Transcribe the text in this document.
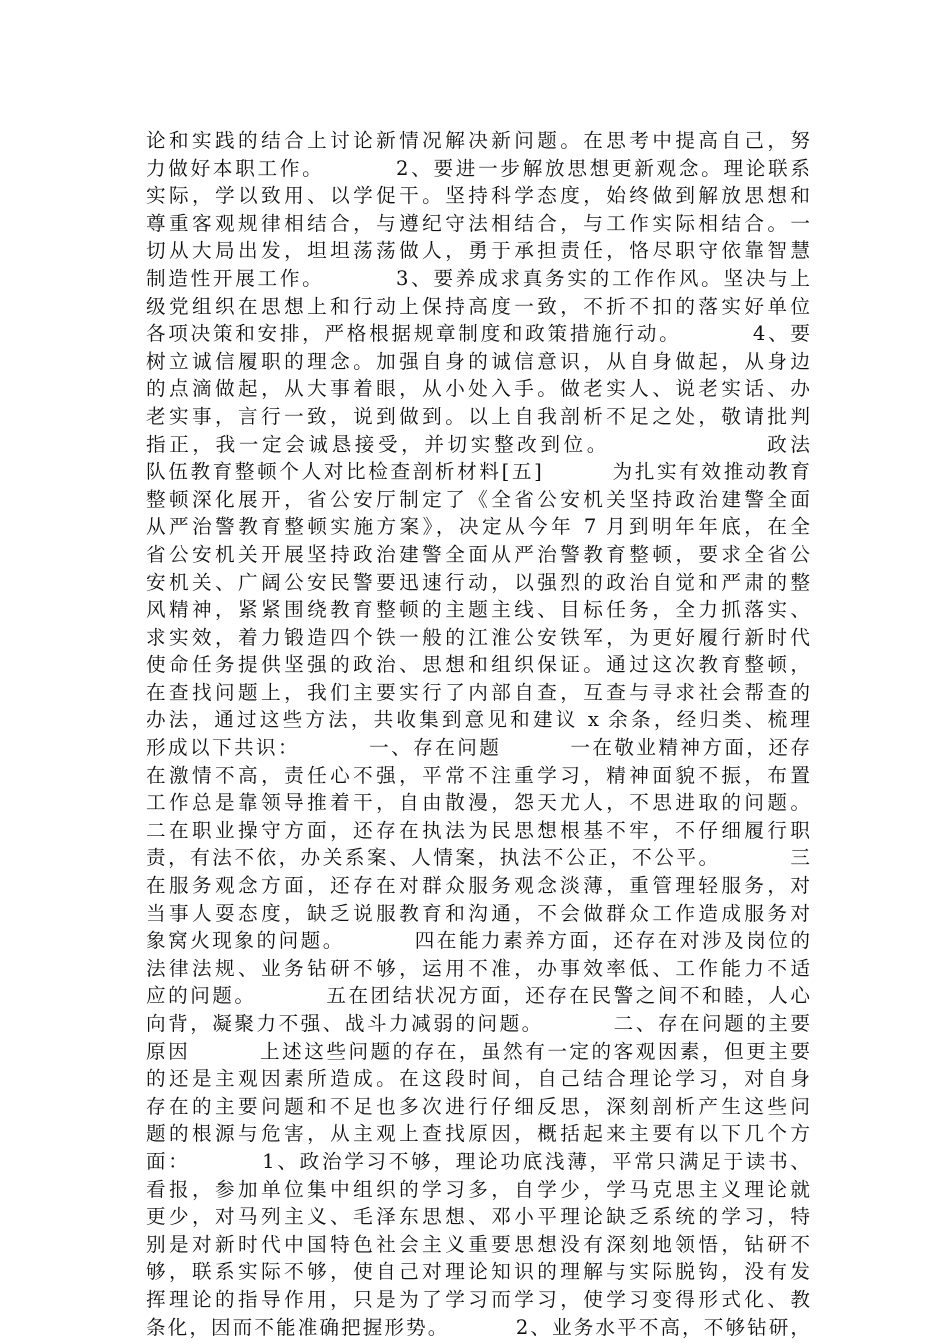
论和实践的结合上讨论新情况解决新问题。在思考中提高自己，努
力做好本职工作。        2、要进一步解放思想更新观念。理论联系
实际，学以致用、以学促干。坚持科学态度，始终做到解放思想和
尊重客观规律相结合，与遵纪守法相结合，与工作实际相结合。一
切从大局出发，坦坦荡荡做人，勇于承担责任，恪尽职守依靠智慧
制造性开展工作。        3、要养成求真务实的工作作风。坚决与上
级党组织在思想上和行动上保持高度一致，不折不扣的落实好单位
各项决策和安排，严格根据规章制度和政策措施行动。        4、要
树立诚信履职的理念。加强自身的诚信意识，从自身做起，从身边
的点滴做起，从大事着眼，从小处入手。做老实人、说老实话、办
老实事，言行一致，说到做到。以上自我剖析不足之处，敬请批判
指正，我一定会诚恳接受，并切实整改到位。                政法
队伍教育整顿个人对比检查剖析材料[五]        为扎实有效推动教育
整顿深化展开，省公安厅制定了《全省公安机关坚持政治建警全面
从严治警教育整顿实施方案》，决定从今年 7 月到明年年底，在全
省公安机关开展坚持政治建警全面从严治警教育整顿，要求全省公
安机关、广阔公安民警要迅速行动，以强烈的政治自觉和严肃的整
风精神，紧紧围绕教育整顿的主题主线、目标任务，全力抓落实、
求实效，着力锻造四个铁一般的江淮公安铁军，为更好履行新时代
使命任务提供坚强的政治、思想和组织保证。通过这次教育整顿，
在查找问题上，我们主要实行了内部自查，互查与寻求社会帮查的
办法，通过这些方法，共收集到意见和建议 x 余条，经归类、梳理
形成以下共识：        一、存在问题        一在敬业精神方面，还存
在激情不高，责任心不强，平常不注重学习，精神面貌不振，布置
工作总是靠领导推着干，自由散漫，怨天尤人，不思进取的问题。
二在职业操守方面，还存在执法为民思想根基不牢，不仔细履行职
责，有法不依，办关系案、人情案，执法不公正，不公平。        三
在服务观念方面，还存在对群众服务观念淡薄，重管理轻服务，对
当事人耍态度，缺乏说服教育和沟通，不会做群众工作造成服务对
象窝火现象的问题。        四在能力素养方面，还存在对涉及岗位的
法律法规、业务钻研不够，运用不准，办事效率低、工作能力不适
应的问题。        五在团结状况方面，还存在民警之间不和睦，人心
向背，凝聚力不强、战斗力减弱的问题。        二、存在问题的主要
原因        上述这些问题的存在，虽然有一定的客观因素，但更主要
的还是主观因素所造成。在这段时间，自己结合理论学习，对自身
存在的主要问题和不足也多次进行仔细反思，深刻剖析产生这些问
题的根源与危害，从主观上查找原因，概括起来主要有以下几个方
面：        1、政治学习不够，理论功底浅薄，平常只满足于读书、
看报，参加单位集中组织的学习多，自学少，学马克思主义理论就
更少，对马列主义、毛泽东思想、邓小平理论缺乏系统的学习，特
别是对新时代中国特色社会主义重要思想没有深刻地领悟，钻研不
够，联系实际不够，使自己对理论知识的理解与实际脱钩，没有发
挥理论的指导作用，只是为了学习而学习，使学习变得形式化、教
条化，因而不能准确把握形势。        2、业务水平不高，不够钻研，
